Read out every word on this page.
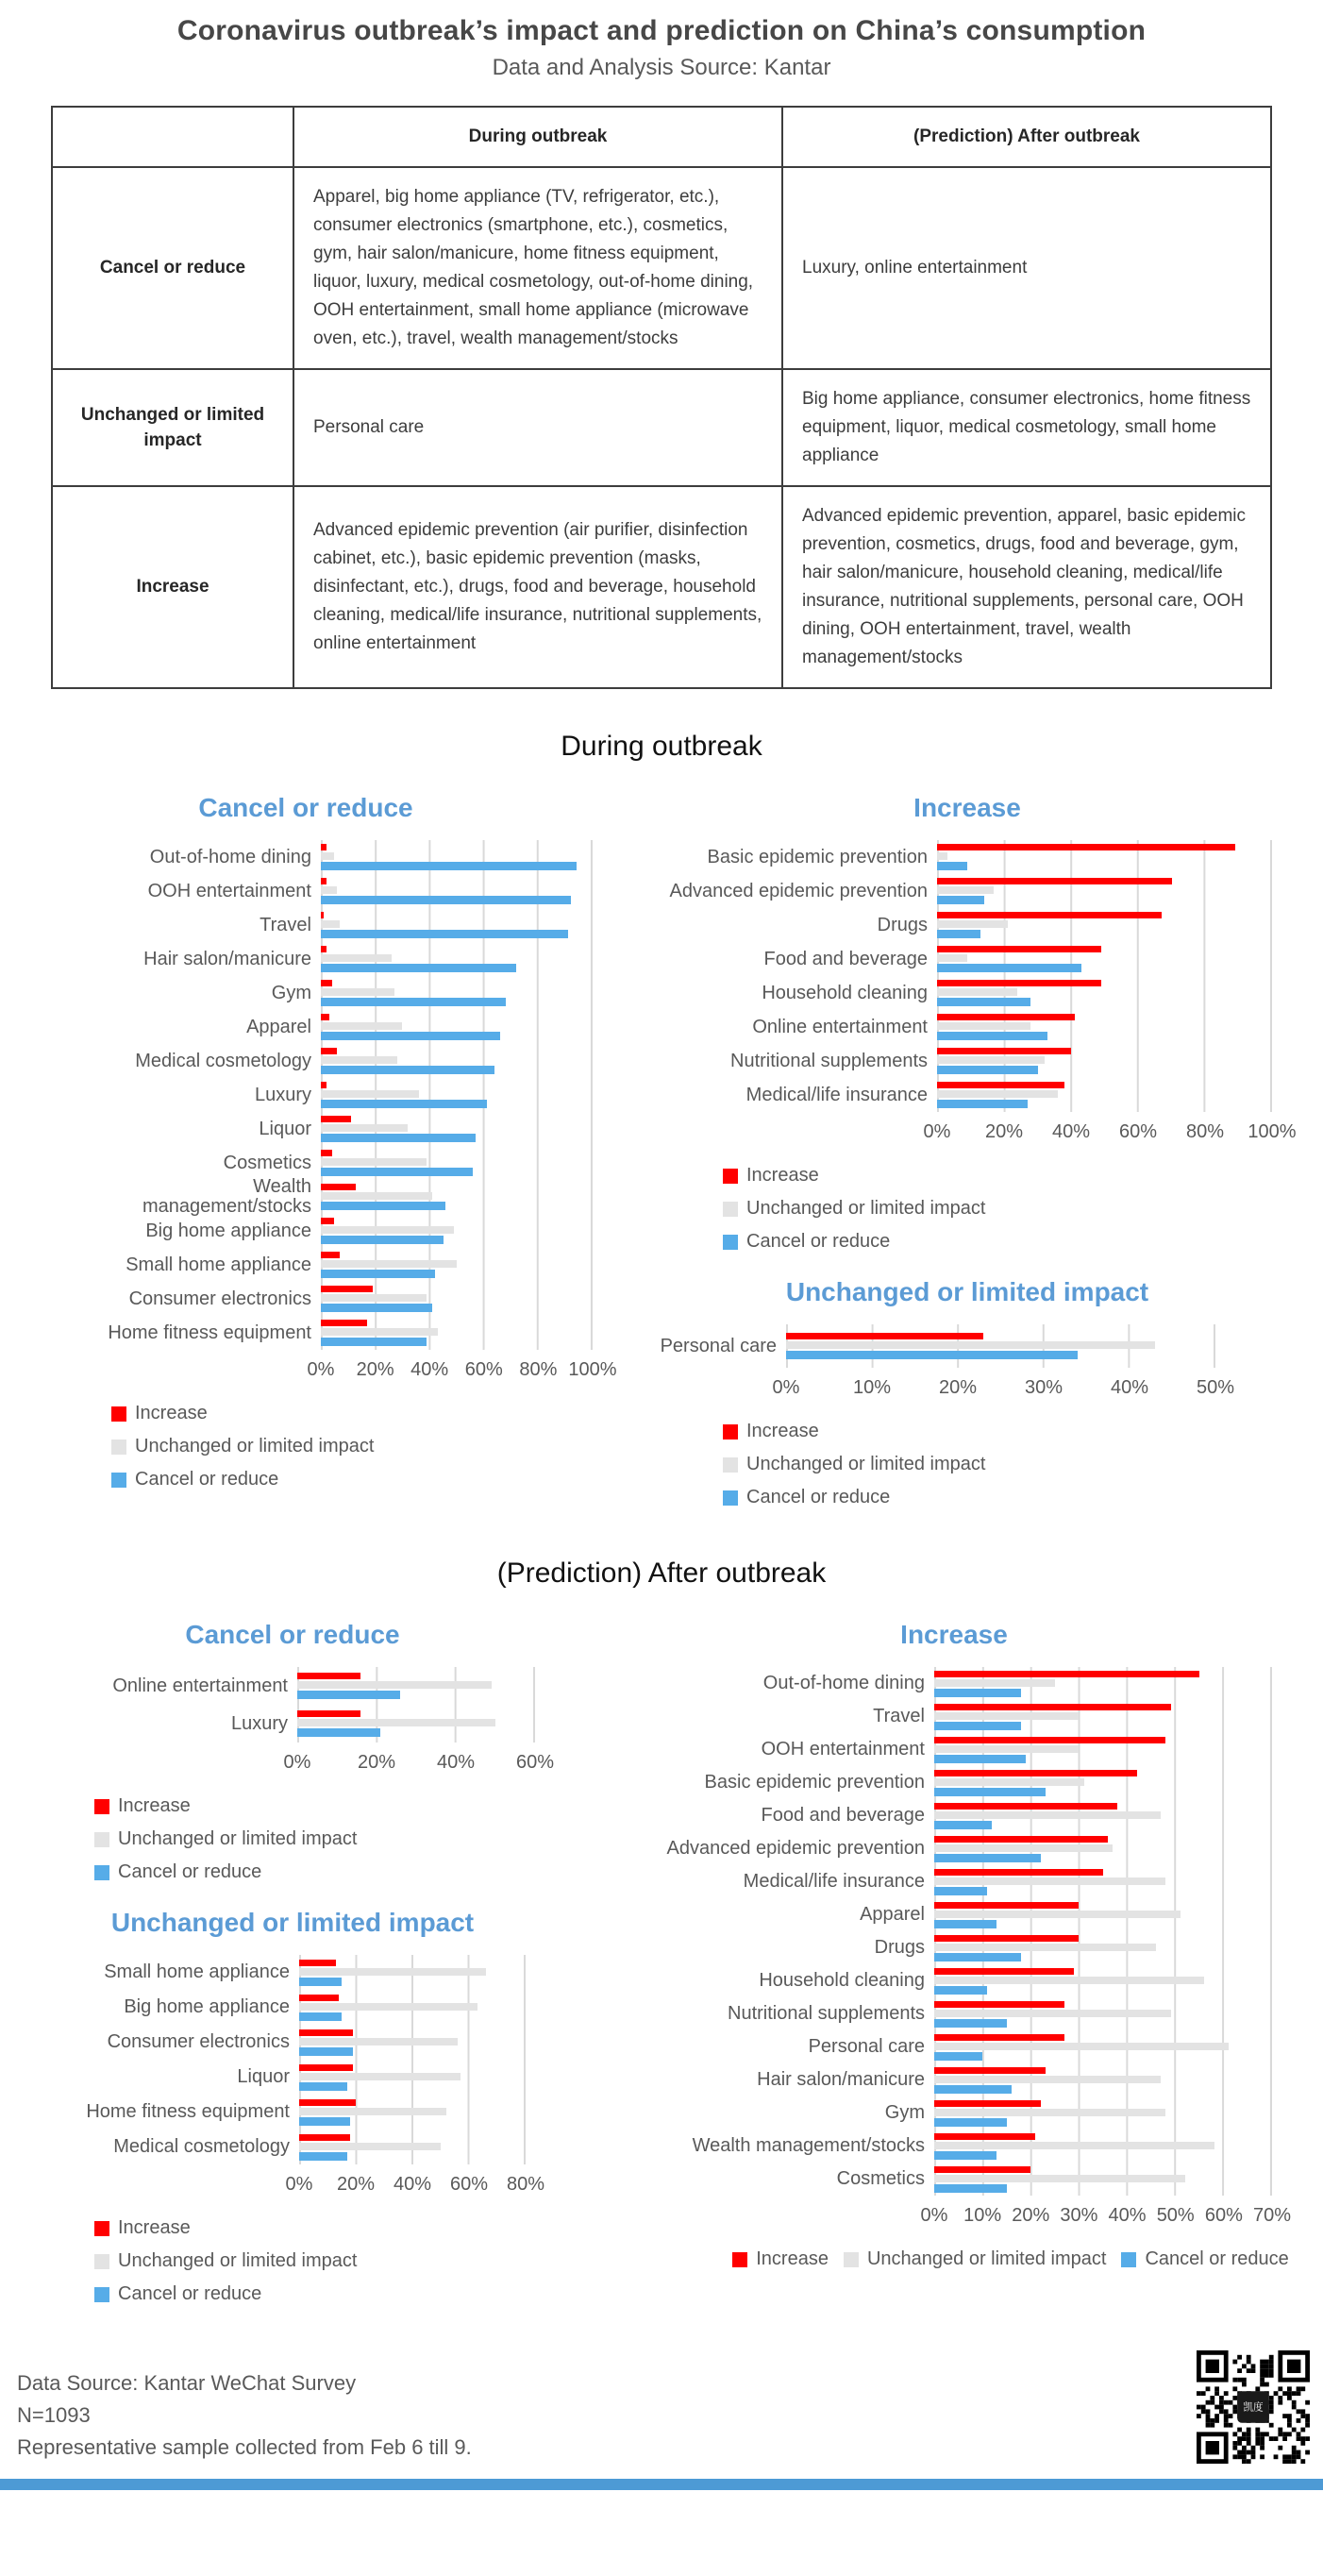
Coronavirus outbreak’s impact and prediction on China’s consumption
Data and Analysis Source: Kantar
	During outbreak	(Prediction) After outbreak
Cancel or reduce	Apparel, big home appliance (TV, refrigerator, etc.), consumer electronics (smartphone, etc.), cosmetics, gym, hair salon/manicure, home fitness equipment, liquor, luxury, medical cosmetology, out-of-home dining, OOH entertainment, small home appliance (microwave oven, etc.), travel, wealth management/stocks	Luxury, online entertainment
Unchanged or limited impact	Personal care	Big home appliance, consumer electronics, home fitness equipment, liquor, medical cosmetology, small home appliance
Increase	Advanced epidemic prevention (air purifier, disinfection cabinet, etc.), basic epidemic prevention (masks, disinfectant, etc.), drugs, food and beverage, household cleaning, medical/life insurance, nutritional supplements, online entertainment	Advanced epidemic prevention, apparel, basic epidemic prevention, cosmetics, drugs, food and beverage, gym, hair salon/manicure, household cleaning, medical/life insurance, nutritional supplements, personal care, OOH dining, OOH entertainment, travel, wealth management/stocks
During outbreak
Cancel or reduce
Out-of-home dining
OOH entertainment
Travel
Hair salon/manicure
Gym
Apparel
Medical cosmetology
Luxury
Liquor
Cosmetics
Wealth management/stocks
Big home appliance
Small home appliance
Consumer electronics
Home fitness equipment
0% 20% 40% 60% 80% 100%
Increase
Unchanged or limited impact
Cancel or reduce
Increase
Basic epidemic prevention
Advanced epidemic prevention
Drugs
Food and beverage
Household cleaning
Online entertainment
Nutritional supplements
Medical/life insurance
0% 20% 40% 60% 80% 100%
Increase
Unchanged or limited impact
Cancel or reduce
Unchanged or limited impact
Personal care
0%	10%	20%	30%	40%	50%
Increase
Unchanged or limited impact
Cancel or reduce
(Prediction) After outbreak
Cancel or reduce
Online entertainment
Luxury
0% 20% 40% 60%
Increase
Unchanged or limited impact
Cancel or reduce
Unchanged or limited impact
Small home appliance
Big home appliance
Consumer electronics
Liquor
Home fitness equipment
Medical cosmetology
0% 20% 40% 60% 80%
Increase
Unchanged or limited impact
Cancel or reduce
Increase
Out-of-home dining
Travel
OOH entertainment
Basic epidemic prevention
Food and beverage
Advanced epidemic prevention
Medical/life insurance
Apparel
Drugs
Household cleaning
Nutritional supplements
Personal care
Hair salon/manicure
Gym
Wealth management/stocks
Cosmetics
0% 10% 20% 30% 40% 50% 60% 70%
Increase Unchanged or limited impact Cancel or reduce
Data Source: Kantar WeChat Survey
N=1093
Representative sample collected from Feb 6 till 9.
凯度
